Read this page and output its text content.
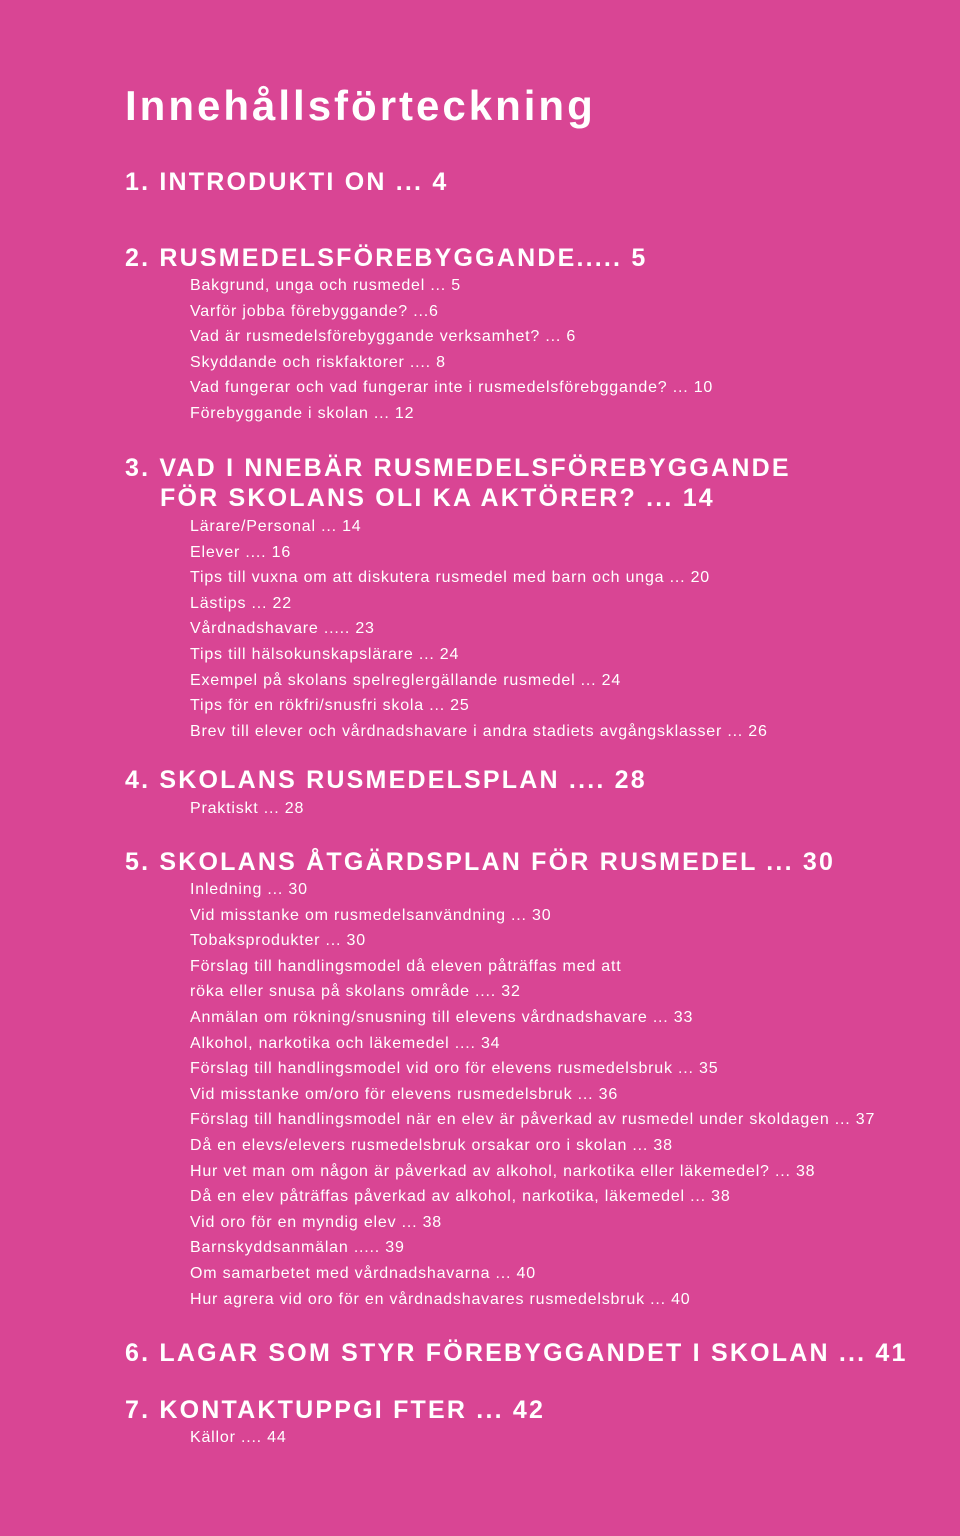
Innehållsförteckning
1. INTRODUKTI ON ... 4
2. RUSMEDELSFÖREBYGGANDE..... 5
Bakgrund, unga och rusmedel ... 5
Varför jobba förebyggande? ...6
Vad är rusmedelsförebyggande verksamhet? ... 6
Skyddande och riskfaktorer .... 8
Vad fungerar och vad fungerar inte i rusmedelsförebggande? ... 10
Förebyggande i skolan ... 12
3. VAD I NNEBÄR RUSMEDELSFÖREBYGGANDE
FÖR SKOLANS OLI KA AKTÖRER? ... 14
Lärare/Personal ... 14
Elever .... 16
Tips till vuxna om att diskutera rusmedel med barn och unga ... 20
Lästips ... 22
Vårdnadshavare ..... 23
Tips till hälsokunskapslärare ... 24
Exempel på skolans spelreglergällande rusmedel ... 24
Tips för en rökfri/snusfri skola ... 25
Brev till elever och vårdnadshavare i andra stadiets avgångsklasser ... 26
4. SKOLANS RUSMEDELSPLAN .... 28
Praktiskt ... 28
5. SKOLANS ÅTGÄRDSPLAN FÖR RUSMEDEL ... 30
Inledning ... 30
Vid misstanke om rusmedelsanvändning ... 30
Tobaksprodukter ... 30
Förslag till handlingsmodel då eleven påträffas med att
röka eller snusa på skolans område .... 32
Anmälan om rökning/snusning till elevens vårdnadshavare ... 33
Alkohol, narkotika och läkemedel .... 34
Förslag till handlingsmodel vid oro för elevens rusmedelsbruk ... 35
Vid misstanke om/oro för elevens rusmedelsbruk ... 36
Förslag till handlingsmodel när en elev är påverkad av rusmedel under skoldagen ... 37
Då en elevs/elevers rusmedelsbruk orsakar oro i skolan ... 38
Hur vet man om någon är påverkad av alkohol, narkotika eller läkemedel? ... 38
Då en elev påträffas påverkad av alkohol, narkotika, läkemedel ... 38
Vid oro för en myndig elev ... 38
Barnskyddsanmälan ..... 39
Om samarbetet med vårdnadshavarna ... 40
Hur agrera vid oro för en vårdnadshavares rusmedelsbruk ... 40
6. LAGAR SOM STYR FÖREBYGGANDET I SKOLAN ... 41
7. KONTAKTUPPGI FTER ... 42
Källor .... 44
